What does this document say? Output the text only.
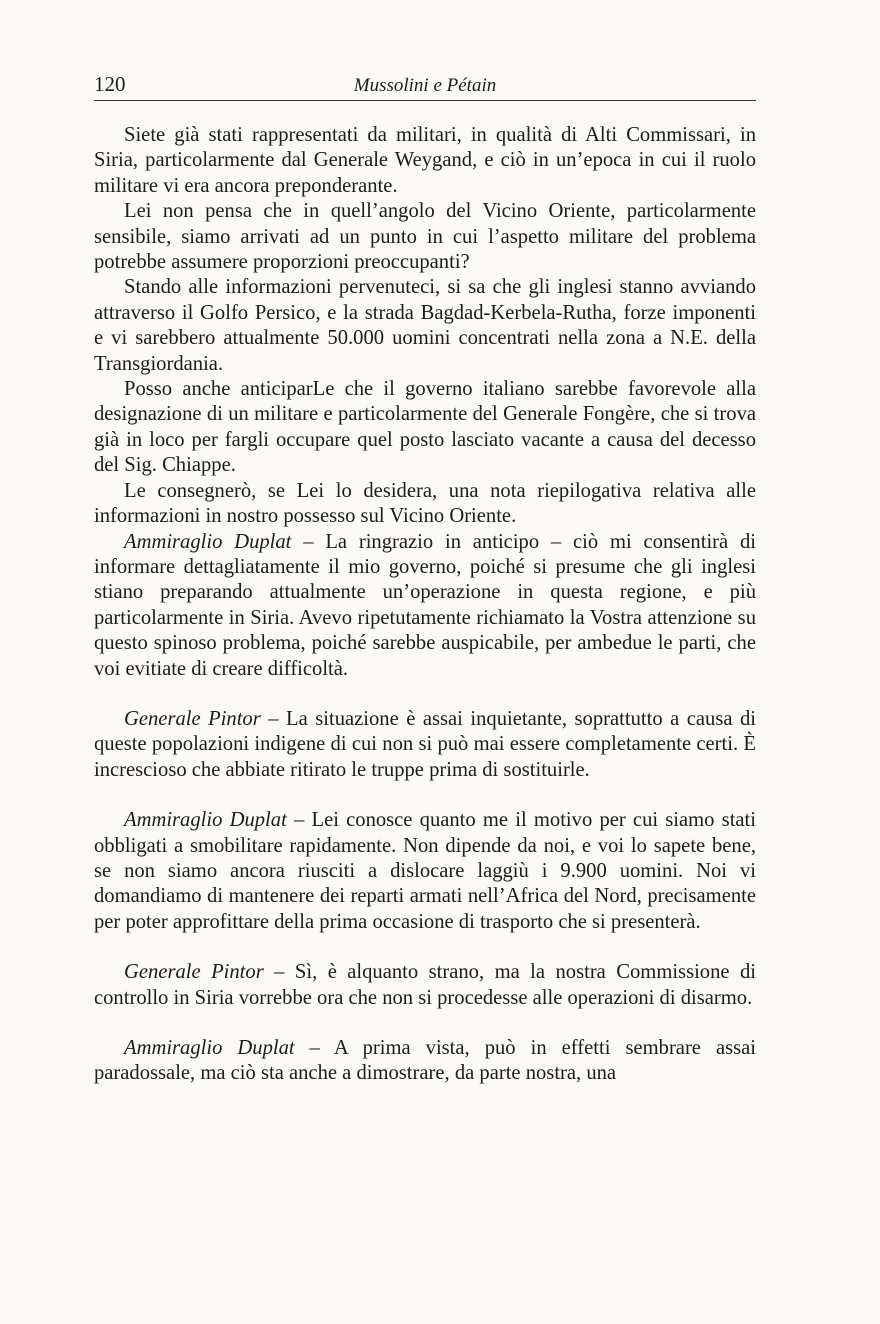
120	Mussolini e Pétain

Siete già stati rappresentati da militari, in qualità di Alti Commissari, in Siria, particolarmente dal Generale Weygand, e ciò in un’epoca in cui il ruolo militare vi era ancora preponderante.

Lei non pensa che in quell’angolo del Vicino Oriente, particolarmente sensibile, siamo arrivati ad un punto in cui l’aspetto militare del problema potrebbe assumere proporzioni preoccupanti?

Stando alle informazioni pervenuteci, si sa che gli inglesi stanno avviando attraverso il Golfo Persico, e la strada Bagdad-Kerbela-Rutha, forze imponenti e vi sarebbero attualmente 50.000 uomini concentrati nella zona a N.E. della Transgiordania.

Posso anche anticiparLe che il governo italiano sarebbe favorevole alla designazione di un militare e particolarmente del Generale Fongère, che si trova già in loco per fargli occupare quel posto lasciato vacante a causa del decesso del Sig. Chiappe.

Le consegnerò, se Lei lo desidera, una nota riepilogativa relativa alle informazioni in nostro possesso sul Vicino Oriente.

Ammiraglio Duplat – La ringrazio in anticipo – ciò mi consentirà di informare dettagliatamente il mio governo, poiché si presume che gli inglesi stiano preparando attualmente un’operazione in questa regione, e più particolarmente in Siria. Avevo ripetutamente richiamato la Vostra attenzione su questo spinoso problema, poiché sarebbe auspicabile, per ambedue le parti, che voi evitiate di creare difficoltà.

Generale Pintor – La situazione è assai inquietante, soprattutto a causa di queste popolazioni indigene di cui non si può mai essere completamente certi. È increscioso che abbiate ritirato le truppe prima di sostituirle.

Ammiraglio Duplat – Lei conosce quanto me il motivo per cui siamo stati obbligati a smobilitare rapidamente. Non dipende da noi, e voi lo sapete bene, se non siamo ancora riusciti a dislocare laggiù i 9.900 uomini. Noi vi domandiamo di mantenere dei reparti armati nell’Africa del Nord, precisamente per poter approfittare della prima occasione di trasporto che si presenterà.

Generale Pintor – Sì, è alquanto strano, ma la nostra Commissione di controllo in Siria vorrebbe ora che non si procedesse alle operazioni di disarmo.

Ammiraglio Duplat – A prima vista, può in effetti sembrare assai paradossale, ma ciò sta anche a dimostrare, da parte nostra, una
